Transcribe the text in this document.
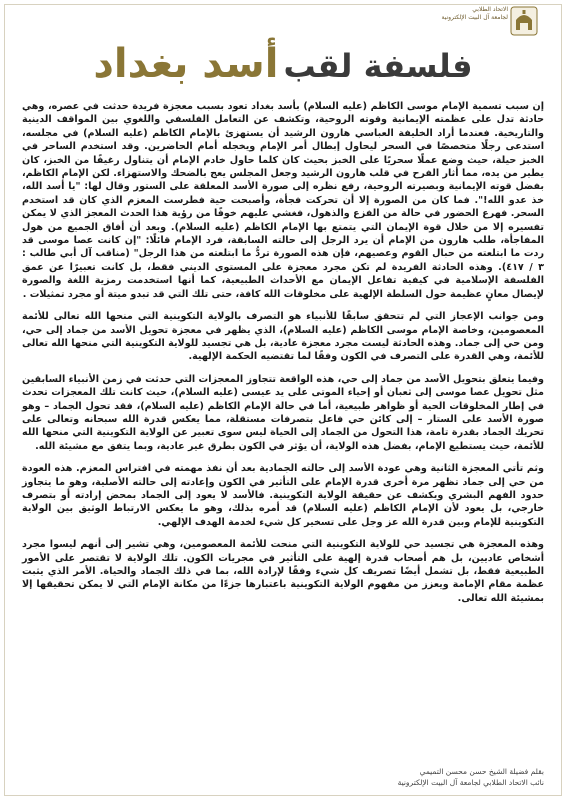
الاتحاد الطلابي
لجامعة آل البيت الإلكترونية
فلسفة لقب أسد بغداد

إن سبب تسمية الإمام موسى الكاظم (عليه السلام) بأسد بغداد تعود بسبب معجزة فريدة حدثت في عصره، وهي حادثة تدل على عظمته الإيمانية وقوته الروحية، وتكشف عن التعامل الفلسفي واللغوي بين المواقف الدينية والتاريخية. فعندما أراد الخليفة العباسي هارون الرشيد أن يستهزئ بالإمام الكاظم (عليه السلام) في مجلسه، استدعى رجلًا متخصصًا في السحر ليحاول إبطال أمر الإمام ويخجله أمام الحاضرين. وقد استخدم الساحر في الخبز حيلة، حيث وضع عملًا سحريًا على الخبز بحيث كان كلما حاول خادم الإمام أن يتناول رغيفًا من الخبز، كان يطير من يده، مما أثار الفرح في قلب هارون الرشيد وجعل المجلس يعج بالضحك والاستهزاء. لكن الإمام الكاظم، بفضل قوته الإيمانية وبصيرته الروحية، رفع نظره إلى صورة الأسد المعلقة على الستور وقال لها: "يا أسد الله، خذ عدو الله!". فما كان من الصورة إلا أن تحركت فجأة، وأصبحت حية فطرست المعزم الذي كان قد استخدم السحر. فهرع الحضور في حالة من الفزع والذهول، فغشي عليهم خوفًا من رؤية هذا الحدث المعجز الذي لا يمكن تفسيره إلا من خلال قوة الإيمان التي يتمتع بها الإمام الكاظم (عليه السلام). وبعد أن أفاق الجميع من هول المفاجأة، طلب هارون من الإمام أن يرد الرجل إلى حالته السابقة، فرد الإمام قائلًا: "إن كانت عصا موسى قد ردت ما ابتلعته من حبال القوم وعصيهم، فإن هذه الصورة تردُّ ما ابتلعته من هذا الرجل" (مناقب آل أبي طالب : ٣ / ٤١٧). وهذه الحادثة الفريدة لم تكن مجرد معجزة على المستوى الديني فقط، بل كانت تعبيرًا عن عمق الفلسفة الإسلامية في كيفية تفاعل الإيمان مع الأحداث الطبيعية، كما أنها استخدمت رمزية اللغة والصورة لإيصال معانٍ عظيمة حول السلطة الإلهية على مخلوقات الله كافة، حتى تلك التي قد تبدو ميتة أو مجرد تمثيلات .

ومن جوانب الإعجاز التي لم تتحقق سابقًا للأنبياء هو التصرف بالولاية التكوينية التي منحها الله تعالى للأئمة المعصومين، وخاصة الإمام موسى الكاظم (عليه السلام)، الذي يظهر في معجزة تحويل الأسد من جماد إلى حي، ومن حي إلى جماد. وهذه الحادثة ليست مجرد معجزة عادية، بل هي تجسيد للولاية التكوينية التي منحها الله تعالى للأئمة، وهي القدرة على التصرف في الكون وفقًا لما تقتضيه الحكمة الإلهية.

وفيما يتعلق بتحويل الأسد من جماد إلى حي، هذه الواقعة تتجاوز المعجزات التي حدثت في زمن الأنبياء السابقين مثل تحويل عصا موسى إلى ثعبان أو إحياء الموتى على يد عيسى (عليه السلام)، حيث كانت تلك المعجزات تحدث في إطار المخلوقات الحية أو ظواهر طبيعية، أما في حالة الإمام الكاظم (عليه السلام)، فقد تحول الجماد – وهو صورة الأسد على الستار – إلى كائن حي فاعل بتصرفات مستقلة، مما يعكس قدرة الله سبحانه وتعالى على تحريك الجماد بقدرة تامة، هذا التحول من الجماد إلى الحياة ليس سوى تعبير عن الولاية التكوينية التي منحها الله للأئمة، حيث يستطيع الإمام، بفضل هذه الولاية، أن يؤثر في الكون بطرق غير عادية، وبما يتفق مع مشيئة الله.

وثم تأتي المعجزة الثانية وهي عودة الأسد إلى حالته الجمادية بعد أن نفذ مهمته في افتراس المعزم. هذه العودة من حي إلى جماد تظهر مرة أخرى قدرة الإمام على التأثير في الكون وإعادته إلى حالته الأصلية، وهو ما يتجاوز حدود الفهم البشري ويكشف عن حقيقة الولاية التكوينية. فالأسد لا يعود إلى الجماد بمحض إرادته أو بتصرف خارجي، بل يعود لأن الإمام الكاظم (عليه السلام) قد أمره بذلك، وهو ما يعكس الارتباط الوثيق بين الولاية التكوينية للإمام وبين قدرة الله عز وجل على تسخير كل شيء لخدمة الهدف الإلهي.

وهذه المعجزة هي تجسيد حي للولاية التكوينية التي منحت للأئمة المعصومين، وهي تشير إلى أنهم ليسوا مجرد أشخاص عاديين، بل هم أصحاب قدرة إلهية على التأثير في مجريات الكون. تلك الولاية لا تقتصر على الأمور الطبيعية فقط، بل تشمل أيضًا تصريف كل شيء وفقًا لإرادة الله، بما في ذلك الجماد والحياة. الأمر الذي يثبت عظمة مقام الإمامة ويعزز من مفهوم الولاية التكوينية باعتبارها جزءًا من مكانة الإمام التي لا يمكن تحقيقها إلا بمشيئة الله تعالى.

بقلم فضيلة الشيخ حسن محسن التميمي
نائب الاتحاد الطلابي لجامعة آل البيت الإلكترونية
